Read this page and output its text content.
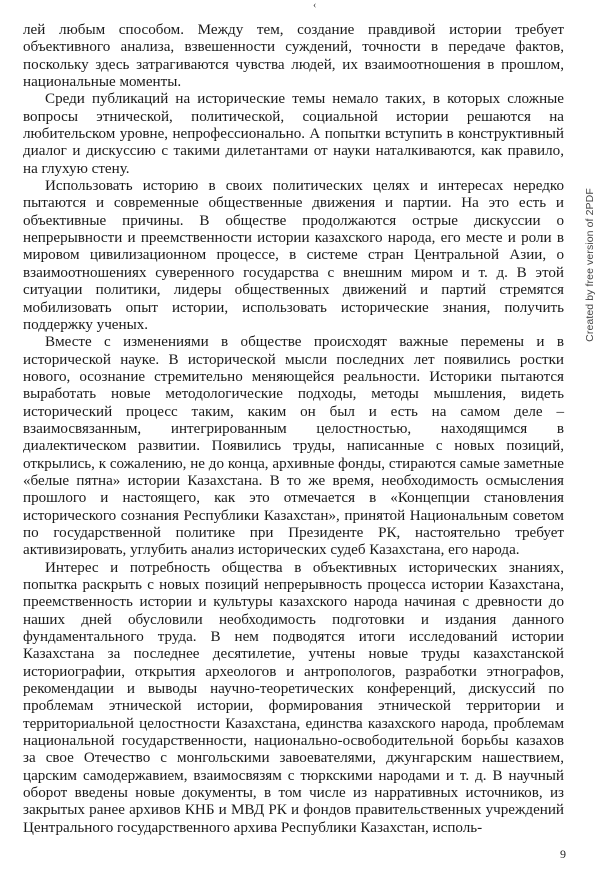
‹

лей любым способом. Между тем, создание правдивой истории требует объективного анализа, взвешенности суждений, точности в передаче фактов, поскольку здесь затрагиваются чувства людей, их взаимоотношения в прошлом, национальные моменты.

Среди публикаций на исторические темы немало таких, в которых сложные вопросы этнической, политической, социальной истории решаются на любительском уровне, непрофессионально. А попытки вступить в конструктивный диалог и дискуссию с такими дилетантами от науки наталкиваются, как правило, на глухую стену.

Использовать историю в своих политических целях и интересах нередко пытаются и современные общественные движения и партии. На это есть и объективные причины. В обществе продолжаются острые дискуссии о непрерывности и преемственности истории казахского народа, его месте и роли в мировом цивилизационном процессе, в системе стран Центральной Азии, о взаимоотношениях суверенного государства с внешним миром и т. д. В этой ситуации политики, лидеры общественных движений и партий стремятся мобилизовать опыт истории, использовать исторические знания, получить поддержку ученых.

Вместе с изменениями в обществе происходят важные перемены и в исторической науке. В исторической мысли последних лет появились ростки нового, осознание стремительно меняющейся реальности. Историки пытаются выработать новые методологические подходы, методы мышления, видеть исторический процесс таким, каким он был и есть на самом деле – взаимосвязанным, интегрированным целостностью, находящимся в диалектическом развитии. Появились труды, написанные с новых позиций, открылись, к сожалению, не до конца, архивные фонды, стираются самые заметные «белые пятна» истории Казахстана. В то же время, необходимость осмысления прошлого и настоящего, как это отмечается в «Концепции становления исторического сознания Республики Казахстан», принятой Национальным советом по государственной политике при Президенте РК, настоятельно требует активизировать, углубить анализ исторических судеб Казахстана, его народа.

Интерес и потребность общества в объективных исторических знаниях, попытка раскрыть с новых позиций непрерывность процесса истории Казахстана, преемственность истории и культуры казахского народа начиная с древности до наших дней обусловили необходимость подготовки и издания данного фундаментального труда. В нем подводятся итоги исследований истории Казахстана за последнее десятилетие, учтены новые труды казахстанской историографии, открытия археологов и антропологов, разработки этнографов, рекомендации и выводы научно-теоретических конференций, дискуссий по проблемам этнической истории, формирования этнической территории и территориальной целостности Казахстана, единства казахского народа, проблемам национальной государственности, национально-освободительной борьбы казахов за свое Отечество с монгольскими завоевателями, джунгарским нашествием, царским самодержавием, взаимосвязям с тюркскими народами и т. д. В научный оборот введены новые документы, в том числе из нарративных источников, из закрытых ранее архивов КНБ и МВД РК и фондов правительственных учреждений Центрального государственного архива Республики Казахстан, исполь-

Created by free version of 2PDF
9
